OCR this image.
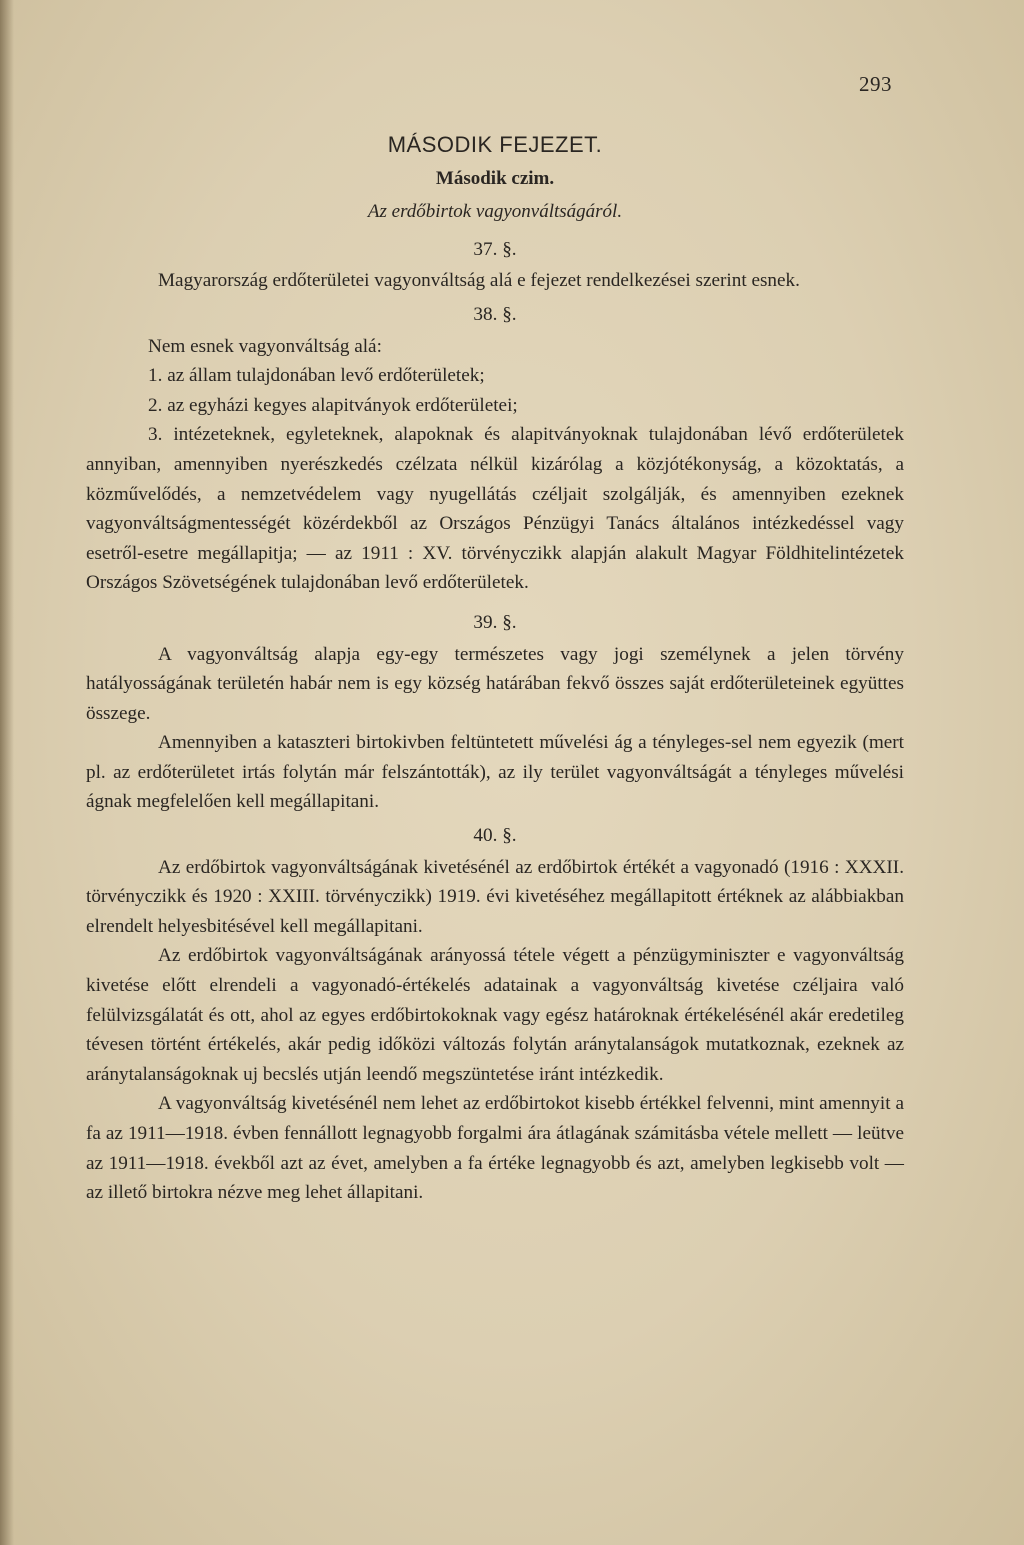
293
MÁSODIK FEJEZET.
Második czim.
Az erdőbirtok vagyonváltságáról.
37. §.

Magyarország erdőterületei vagyonváltság alá e fejezet rendelkezései szerint esnek.

38. §.

Nem esnek vagyonváltság alá:

1. az állam tulajdonában levő erdőterületek;

2. az egyházi kegyes alapitványok erdőterületei;

3. intézeteknek, egyleteknek, alapoknak és alapitványoknak tulajdonában lévő erdőterületek annyiban, amennyiben nyerészkedés czélzata nélkül kizárólag a közjótékonyság, a közoktatás, a közművelődés, a nemzetvédelem vagy nyugellátás czéljait szolgálják, és amennyiben ezeknek vagyonváltságmentességét közérdekből az Országos Pénzügyi Tanács általános intézkedéssel vagy esetről-esetre megállapitja; — az 1911 : XV. törvényczikk alapján alakult Magyar Földhitelintézetek Országos Szövetségének tulajdonában levő erdőterületek.

39. §.

A vagyonváltság alapja egy-egy természetes vagy jogi személynek a jelen törvény hatályosságának területén habár nem is egy község határában fekvő összes saját erdőterületeinek együttes összege.

Amennyiben a kataszteri birtokivben feltüntetett művelési ág a tényleges-sel nem egyezik (mert pl. az erdőterületet irtás folytán már felszántották), az ily terület vagyonváltságát a tényleges művelési ágnak megfelelően kell megállapitani.

40. §.

Az erdőbirtok vagyonváltságának kivetésénél az erdőbirtok értékét a vagyonadó (1916 : XXXII. törvényczikk és 1920 : XXIII. törvényczikk) 1919. évi kivetéséhez megállapitott értéknek az alábbiakban elrendelt helyesbitésével kell megállapitani.

Az erdőbirtok vagyonváltságának arányossá tétele végett a pénzügyminiszter e vagyonváltság kivetése előtt elrendeli a vagyonadó-értékelés adatainak a vagyonváltság kivetése czéljaira való felülvizsgálatát és ott, ahol az egyes erdőbirtokoknak vagy egész határoknak értékelésénél akár eredetileg tévesen történt értékelés, akár pedig időközi változás folytán aránytalanságok mutatkoznak, ezeknek az aránytalanságoknak uj becslés utján leendő megszüntetése iránt intézkedik.

A vagyonváltság kivetésénél nem lehet az erdőbirtokot kisebb értékkel felvenni, mint amennyit a fa az 1911—1918. évben fennállott legnagyobb forgalmi ára átlagának számitásba vétele mellett — leütve az 1911—1918. évekből azt az évet, amelyben a fa értéke legnagyobb és azt, amelyben legkisebb volt — az illető birtokra nézve meg lehet állapitani.
